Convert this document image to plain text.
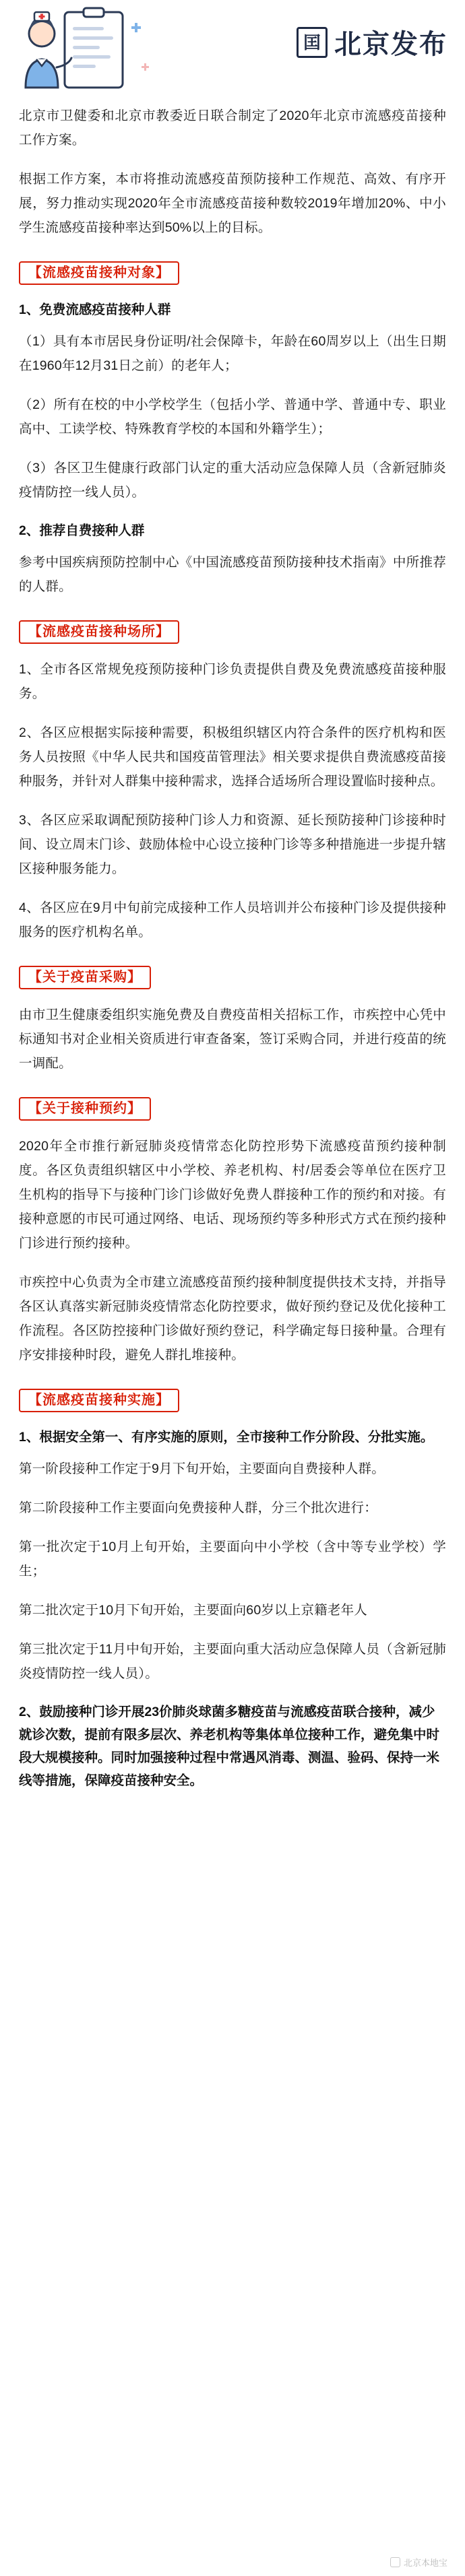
囯 北京发布

北京市卫健委和北京市教委近日联合制定了2020年北京市流感疫苗接种工作方案。

根据工作方案，本市将推动流感疫苗预防接种工作规范、高效、有序开展，努力推动实现2020年全市流感疫苗接种数较2019年增加20%、中小学生流感疫苗接种率达到50%以上的目标。

【流感疫苗接种对象】
1、免费流感疫苗接种人群

（1）具有本市居民身份证明/社会保障卡，年龄在60周岁以上（出生日期在1960年12月31日之前）的老年人；

（2）所有在校的中小学校学生（包括小学、普通中学、普通中专、职业高中、工读学校、特殊教育学校的本国和外籍学生）；

（3）各区卫生健康行政部门认定的重大活动应急保障人员（含新冠肺炎疫情防控一线人员）。

2、推荐自费接种人群

参考中国疾病预防控制中心《中国流感疫苗预防接种技术指南》中所推荐的人群。

【流感疫苗接种场所】

1、全市各区常规免疫预防接种门诊负责提供自费及免费流感疫苗接种服务。

2、各区应根据实际接种需要，积极组织辖区内符合条件的医疗机构和医务人员按照《中华人民共和国疫苗管理法》相关要求提供自费流感疫苗接种服务，并针对人群集中接种需求，选择合适场所合理设置临时接种点。

3、各区应采取调配预防接种门诊人力和资源、延长预防接种门诊接种时间、设立周末门诊、鼓励体检中心设立接种门诊等多种措施进一步提升辖区接种服务能力。

4、各区应在9月中旬前完成接种工作人员培训并公布接种门诊及提供接种服务的医疗机构名单。

【关于疫苗采购】

由市卫生健康委组织实施免费及自费疫苗相关招标工作，市疾控中心凭中标通知书对企业相关资质进行审查备案，签订采购合同，并进行疫苗的统一调配。

【关于接种预约】

2020年全市推行新冠肺炎疫情常态化防控形势下流感疫苗预约接种制度。各区负责组织辖区中小学校、养老机构、村/居委会等单位在医疗卫生机构的指导下与接种门诊门诊做好免费人群接种工作的预约和对接。有接种意愿的市民可通过网络、电话、现场预约等多种形式方式在预约接种门诊进行预约接种。

市疾控中心负责为全市建立流感疫苗预约接种制度提供技术支持，并指导各区认真落实新冠肺炎疫情常态化防控要求，做好预约登记及优化接种工作流程。各区防控接种门诊做好预约登记，科学确定每日接种量。合理有序安排接种时段，避免人群扎堆接种。

【流感疫苗接种实施】
1、根据安全第一、有序实施的原则，全市接种工作分阶段、分批实施。

第一阶段接种工作定于9月下旬开始，主要面向自费接种人群。

第二阶段接种工作主要面向免费接种人群，分三个批次进行：

第一批次定于10月上旬开始，主要面向中小学校（含中等专业学校）学生；

第二批次定于10月下旬开始，主要面向60岁以上京籍老年人

第三批次定于11月中旬开始，主要面向重大活动应急保障人员（含新冠肺炎疫情防控一线人员）。

2、鼓励接种门诊开展23价肺炎球菌多糖疫苗与流感疫苗联合接种，减少就诊次数，提前有限多层次、养老机构等集体单位接种工作，避免集中时段大规模接种。同时加强接种过程中常遇风消毒、测温、验码、保持一米线等措施，保障疫苗接种安全。
北京本地宝
